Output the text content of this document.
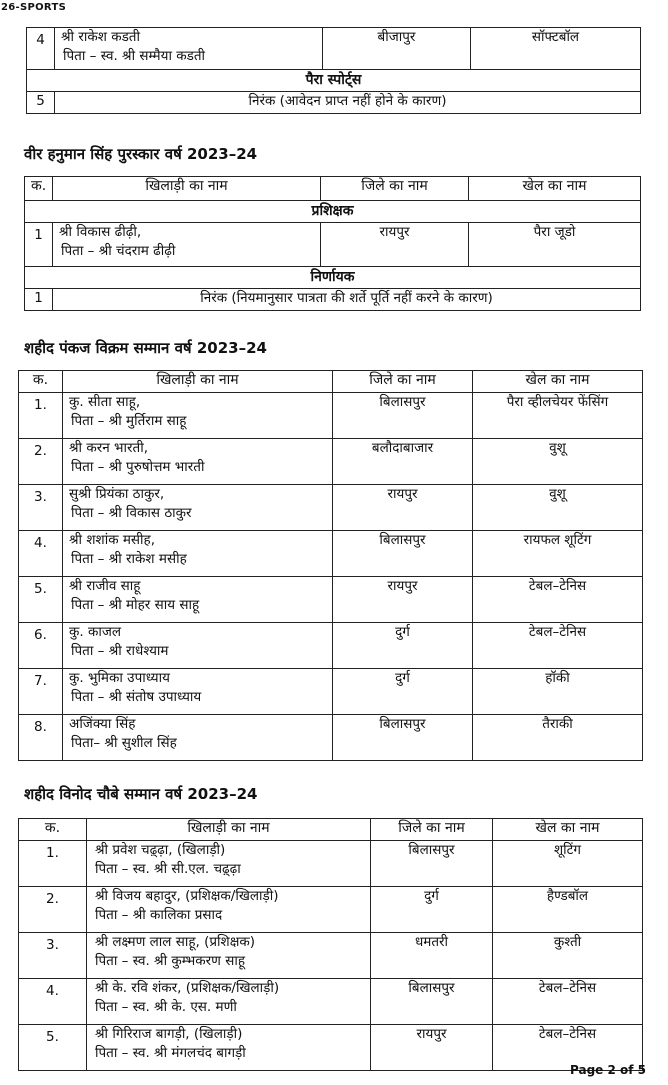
26-SPORTS
4	श्री राकेश कडती
पिता – स्व. श्री सम्मैया कडती	बीजापुर	सॉफ्टबॉल
पैरा स्पोर्ट्स			
5	निरंक (आवेदन प्राप्त नहीं होने के कारण)		
वीर हनुमान सिंह पुरस्कार वर्ष 2023–24
क.	खिलाड़ी का नाम	जिले का नाम	खेल का नाम
प्रशिक्षक			
1	श्री विकास ढीढ़ी,
पिता – श्री चंदराम ढीढ़ी	रायपुर	पैरा जूडो
निर्णायक			
1	निरंक (नियमानुसार पात्रता की शर्ते पूर्ति नहीं करने के कारण)		
शहीद पंकज विक्रम सम्मान वर्ष 2023–24
क.	खिलाड़ी का नाम	जिले का नाम	खेल का नाम
1.	कु. सीता साहू,
पिता – श्री मुर्तिराम साहू	बिलासपुर	पैरा व्हीलचेयर फेंसिंग
2.	श्री करन भारती,
पिता – श्री पुरुषोत्तम भारती	बलौदाबाजार	वुशू
3.	सुश्री प्रियंका ठाकुर,
पिता – श्री विकास ठाकुर	रायपुर	वुशू
4.	श्री शशांक मसीह,
पिता – श्री राकेश मसीह	बिलासपुर	रायफल शूटिंग
5.	श्री राजीव साहू
पिता – श्री मोहर साय साहू	रायपुर	टेबल–टेनिस
6.	कु. काजल
पिता – श्री राधेश्याम	दुर्ग	टेबल–टेनिस
7.	कु. भुमिका उपाध्याय
पिता – श्री संतोष उपाध्याय	दुर्ग	हॉकी
8.	अजिंक्या सिंह
पिता– श्री सुशील सिंह	बिलासपुर	तैराकी
शहीद विनोद चौबे सम्मान वर्ष 2023–24
क.	खिलाड़ी का नाम	जिले का नाम	खेल का नाम
1.	श्री प्रवेश चढ़्ढ़ा, (खिलाड़ी)
पिता – स्व. श्री सी.एल. चढ़्ढ़ा	बिलासपुर	शूटिंग
2.	श्री विजय बहादुर, (प्रशिक्षक/खिलाड़ी)
पिता – श्री कालिका प्रसाद	दुर्ग	हैण्डबॉल
3.	श्री लक्ष्मण लाल साहू, (प्रशिक्षक)
पिता – स्व. श्री कुम्भकरण साहू	धमतरी	कुश्ती
4.	श्री के. रवि शंकर, (प्रशिक्षक/खिलाड़ी)
पिता – स्व. श्री के. एस. मणी	बिलासपुर	टेबल–टेनिस
5.	श्री गिरिराज बागड़ी, (खिलाड़ी)
पिता – स्व. श्री मंगलचंद बागड़ी	रायपुर	टेबल–टेनिस
Page 2 of 5
